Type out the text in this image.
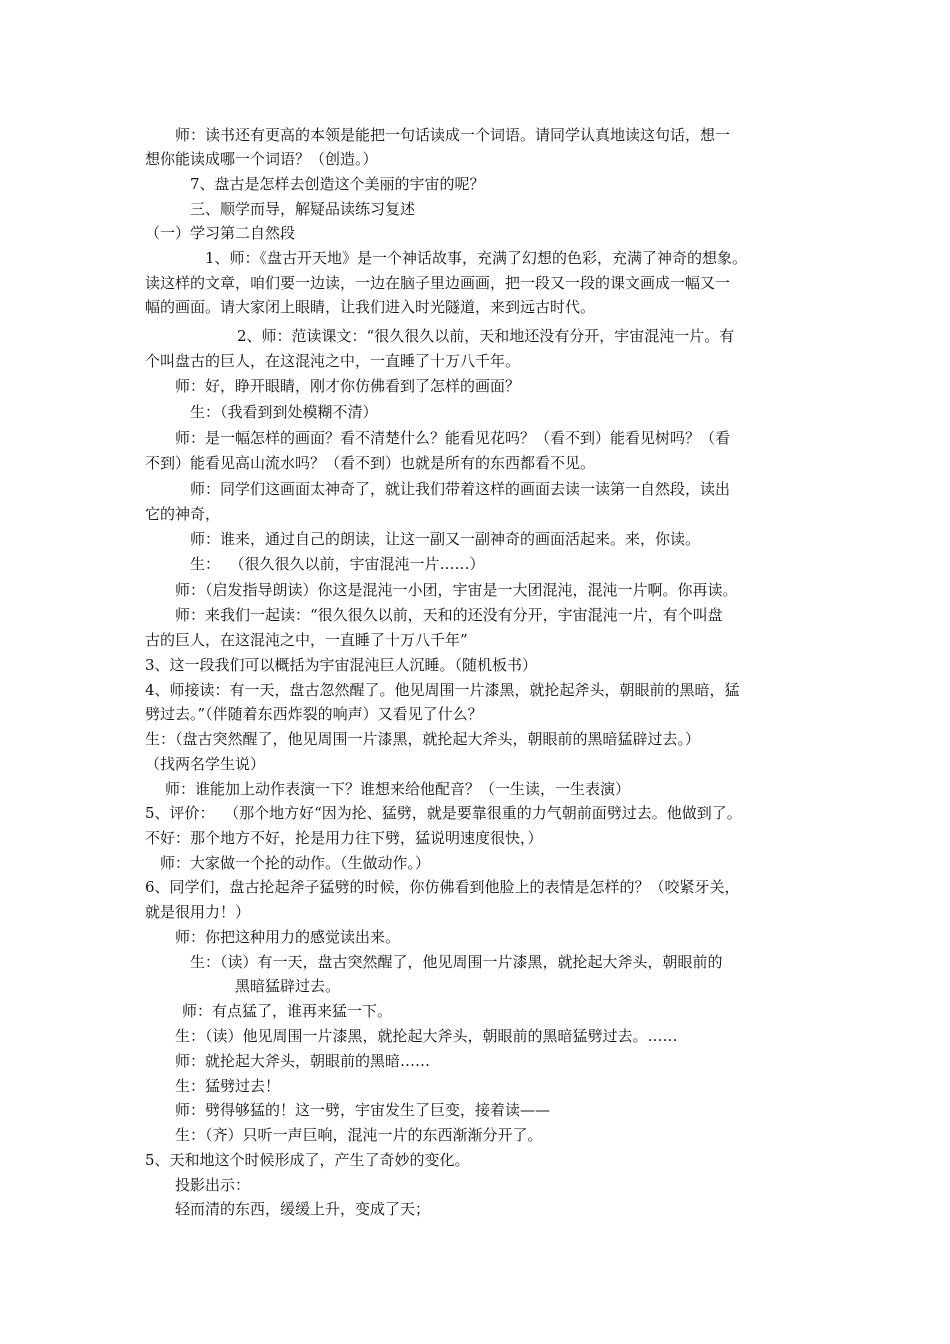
师：读书还有更高的本领是能把一句话读成一个词语。请同学认真地读这句话，想一
想你能读成哪一个词语？（创造。）
7、盘古是怎样去创造这个美丽的宇宙的呢？
三、顺学而导，解疑品读练习复述
（一）学习第二自然段
1、师：《盘古开天地》是一个神话故事，充满了幻想的色彩，充满了神奇的想象。
读这样的文章，咱们要一边读，一边在脑子里边画画，把一段又一段的课文画成一幅又一
幅的画面。请大家闭上眼睛，让我们进入时光隧道，来到远古时代。
2、师：范读课文：“很久很久以前，天和地还没有分开，宇宙混沌一片。有
个叫盘古的巨人，在这混沌之中，一直睡了十万八千年。
师：好，睁开眼睛，刚才你仿佛看到了怎样的画面？
生：（我看到到处模糊不清）
师：是一幅怎样的画面？看不清楚什么？能看见花吗？（看不到）能看见树吗？（看
不到）能看见高山流水吗？（看不到）也就是所有的东西都看不见。
师：同学们这画面太神奇了，就让我们带着这样的画面去读一读第一自然段，读出
它的神奇，
师：谁来，通过自己的朗读，让这一副又一副神奇的画面活起来。来，你读。
生：  （很久很久以前，宇宙混沌一片……）
师：（启发指导朗读）你这是混沌一小团，宇宙是一大团混沌，混沌一片啊。你再读。
师：来我们一起读：“很久很久以前，天和的还没有分开，宇宙混沌一片，有个叫盘
古的巨人，在这混沌之中，一直睡了十万八千年”
3、这一段我们可以概括为宇宙混沌巨人沉睡。（随机板书）
4、师接读：有一天，盘古忽然醒了。他见周围一片漆黑，就抡起斧头，朝眼前的黑暗，猛
劈过去。”（伴随着东西炸裂的响声）又看见了什么？
生：（盘古突然醒了，他见周围一片漆黑，就抡起大斧头，朝眼前的黑暗猛辟过去。）
（找两名学生说）
师：谁能加上动作表演一下？谁想来给他配音？（一生读，一生表演）
5、评价：  （那个地方好“因为抡、猛劈，就是要靠很重的力气朝前面劈过去。他做到了。
不好：那个地方不好，抡是用力往下劈，猛说明速度很快，）
师：大家做一个抡的动作。（生做动作。）
6、同学们，盘古抡起斧子猛劈的时候，你仿佛看到他脸上的表情是怎样的？（咬紧牙关，
就是很用力！）
师：你把这种用力的感觉读出来。
生：（读）有一天，盘古突然醒了，他见周围一片漆黑，就抡起大斧头，朝眼前的
黑暗猛辟过去。
师：有点猛了，谁再来猛一下。
生：（读）他见周围一片漆黑，就抡起大斧头，朝眼前的黑暗猛劈过去。……
师：就抡起大斧头，朝眼前的黑暗……
生：猛劈过去！
师：劈得够猛的！这一劈，宇宙发生了巨变，接着读——
生：（齐）只听一声巨响，混沌一片的东西渐渐分开了。
5、天和地这个时候形成了，产生了奇妙的变化。
投影出示：
轻而清的东西，缓缓上升，变成了天；
